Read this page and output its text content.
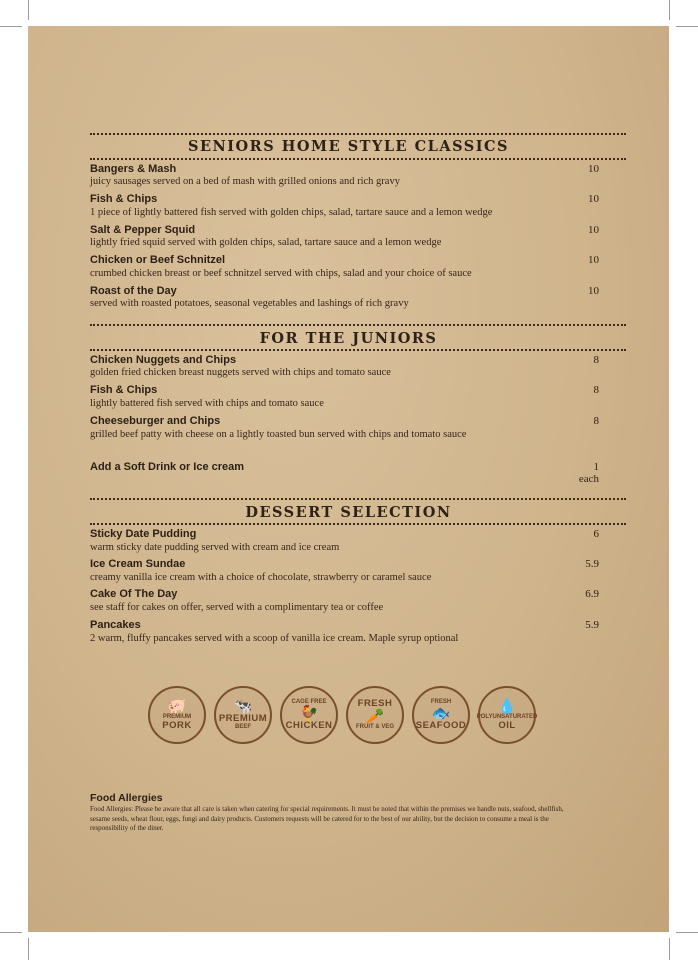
SENIORS HOME STYLE CLASSICS
Bangers & Mash	10
juicy sausages served on a bed of mash with grilled onions and rich gravy
Fish & Chips	10
1 piece of lightly battered fish served with golden chips, salad, tartare sauce and a lemon wedge
Salt & Pepper Squid	10
lightly fried squid served with golden chips, salad, tartare sauce and a lemon wedge
Chicken or Beef Schnitzel	10
crumbed chicken breast or beef schnitzel served with chips, salad and your choice of sauce
Roast of the Day	10
served with roasted potatoes, seasonal vegetables and lashings of rich gravy
FOR THE JUNIORS
Chicken Nuggets and Chips	8
golden fried chicken breast nuggets served with chips and tomato sauce
Fish & Chips	8
lightly battered fish served with chips and tomato sauce
Cheeseburger and Chips	8
grilled beef patty with cheese on a lightly toasted bun served with chips and tomato sauce
Add a Soft Drink or Ice cream	1
each
DESSERT SELECTION
Sticky Date Pudding	6
warm sticky date pudding served with cream and ice cream
Ice Cream Sundae	5.9
creamy vanilla ice cream with a choice of chocolate, strawberry or caramel sauce
Cake Of The Day	6.9
see staff for cakes on offer, served with a complimentary tea or coffee
Pancakes	5.9
2 warm, fluffy pancakes served with a scoop of vanilla ice cream. Maple syrup optional
🐖
PREMIUM
PORK
🐄
PREMIUM
BEEF
CAGE FREE
🐓
CHICKEN
FRESH
🥕
FRUIT & VEG
FRESH
🐟
SEAFOOD
💧
POLYUNSATURATED
OIL
Food Allergies
Food Allergies: Please be aware that all care is taken when catering for special requirements. It must be noted that within the premises we handle nuts, seafood, shellfish, sesame seeds, wheat flour, eggs, fungi and dairy products. Customers requests will be catered for to the best of our ability, but the decision to consume a meal is the responsibility of the diner.
